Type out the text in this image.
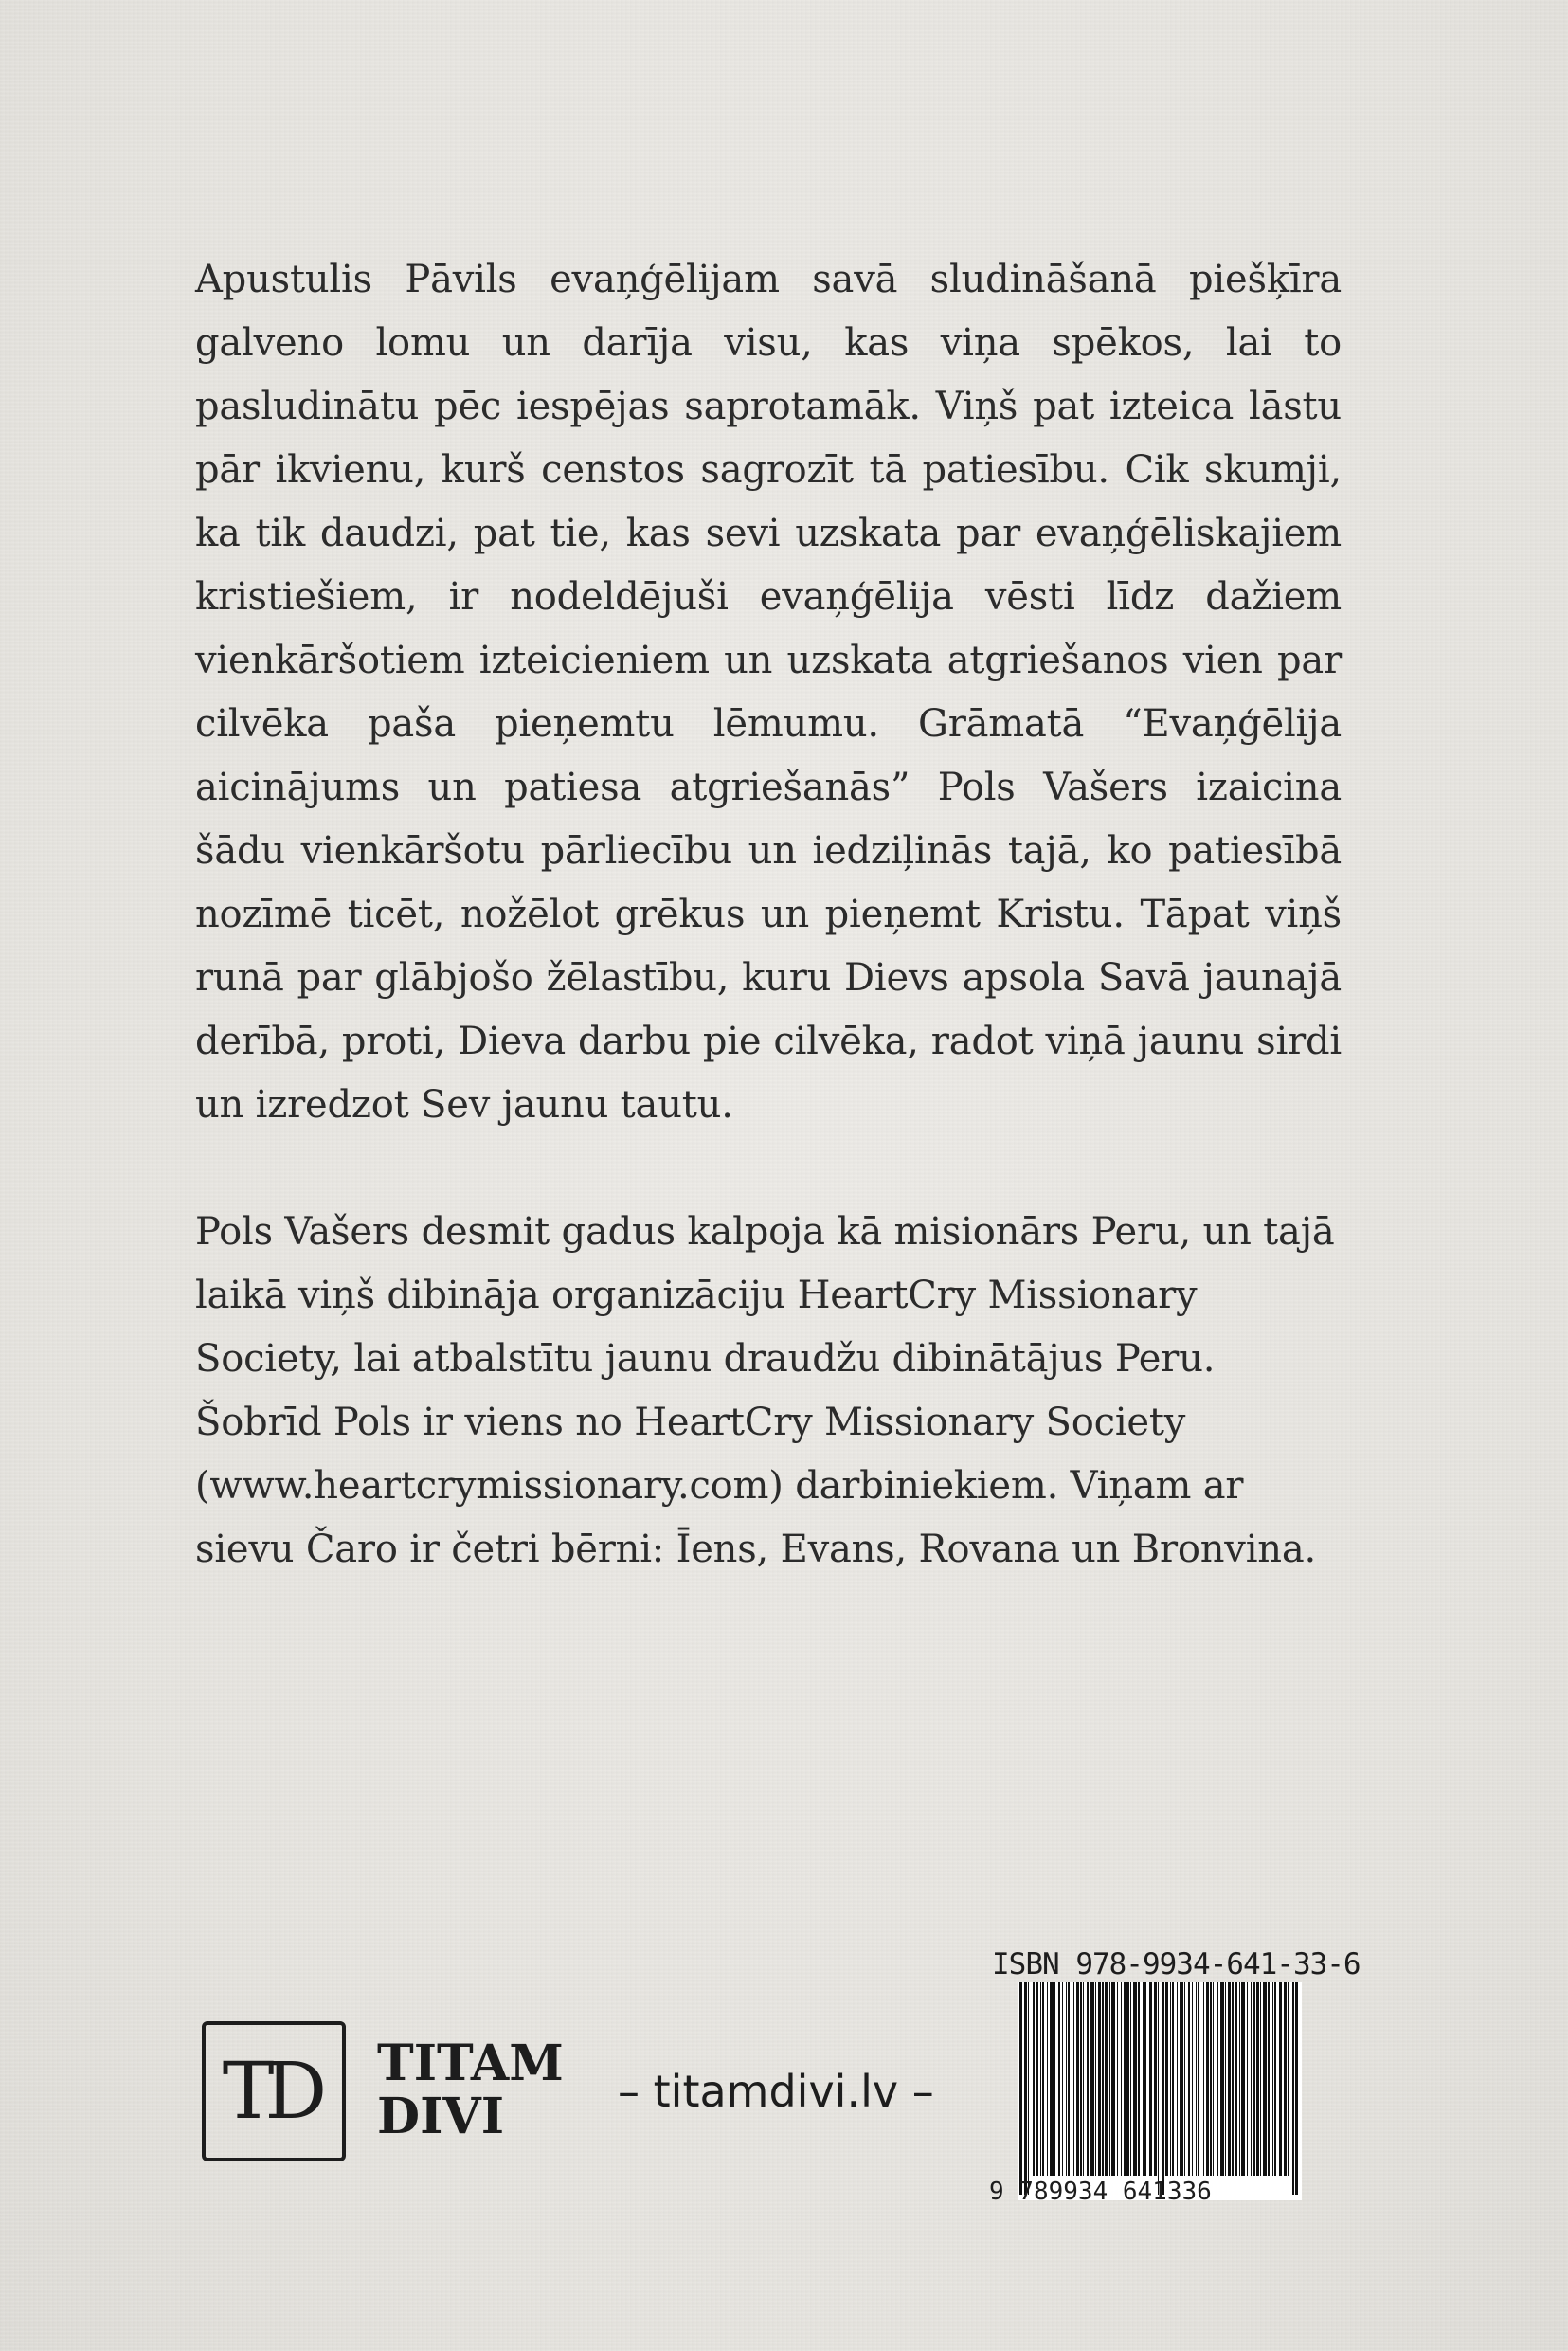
Apustulis Pāvils evaņģēlijam savā sludināšanā piešķīra galveno lomu un darīja visu, kas viņa spēkos, lai to pasludinātu pēc iespējas saprotamāk. Viņš pat izteica lāstu pār ikvienu, kurš censtos sagrozīt tā patiesību. Cik skumji, ka tik daudzi, pat tie, kas sevi uzskata par evaņģēliskajiem kristiešiem, ir nodeldējuši evaņģēlija vēsti līdz dažiem vienkāršotiem izteicieniem un uzskata atgriešanos vien par cilvēka paša pieņemtu lēmumu. Grāmatā “Evaņģēlija aicinājums un patiesa atgriešanās” Pols Vašers izaicina šādu vienkāršotu pārliecību un iedziļinās tajā, ko patiesībā nozīmē ticēt, nožēlot grēkus un pieņemt Kristu. Tāpat viņš runā par glābjošo žēlastību, kuru Dievs apsola Savā jaunajā derībā, proti, Dieva darbu pie cilvēka, radot viņā jaunu sirdi un izredzot Sev jaunu tautu.

Pols Vašers desmit gadus kalpoja kā misionārs Peru, un tajā laikā viņš dibināja organizāciju HeartCry Missionary Society, lai atbalstītu jaunu draudžu dibinātājus Peru. Šobrīd Pols ir viens no HeartCry Missionary Society (www.heartcrymissionary.com) darbiniekiem. Viņam ar sievu Čaro ir četri bērni: Īens, Evans, Rovana un Bronvina.

TD TITAM
DIVI	– titamdivi.lv –
ISBN 978-9934-641-33-6
9 789934 641336
